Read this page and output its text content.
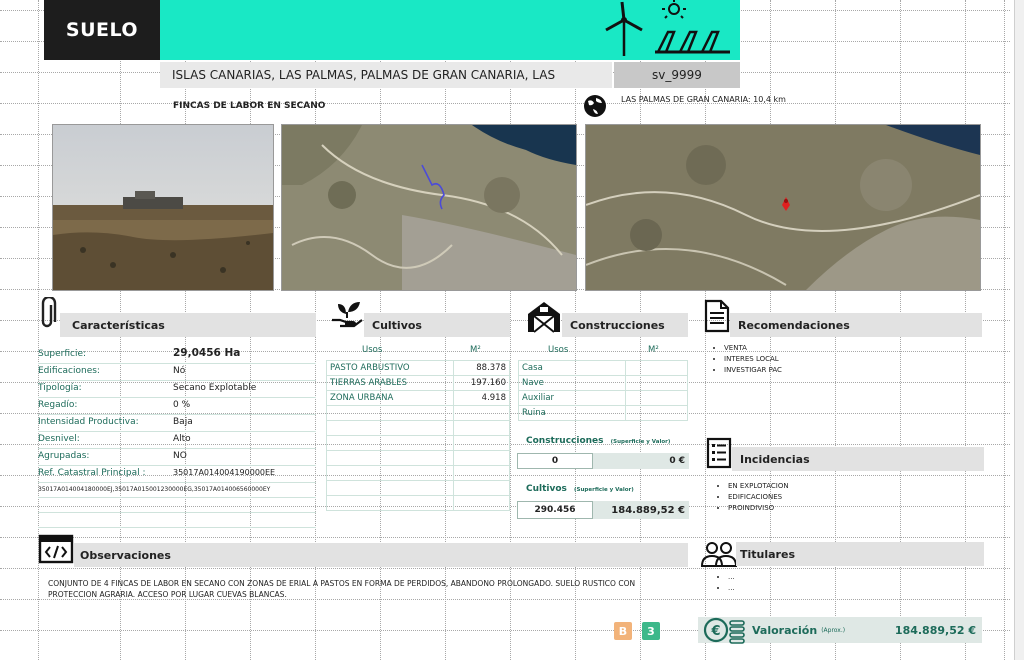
SUELO
ISLAS CANARIAS, LAS PALMAS, PALMAS DE GRAN CANARIA, LAS	sv_9999
FINCAS DE LABOR EN SECANO
LAS PALMAS DE GRAN CANARIA: 10,4 km
Características
Superficie:	29,0456 Ha
Edificaciones:	Nó
Tipología:	Secano Explotable
Regadío:	0 %
Intensidad Productiva:	Baja
Desnivel:	Alto
Agrupadas:	NO
Ref. Catastral Principal :	35017A014004190000EE
35017A014004180000EJ,35017A015001230000EG,35017A014006560000EY
Cultivos
Usos	M²
PASTO ARBUSTIVO	88.378
TIERRAS ARABLES	197.160
ZONA URBANA	4.918

Construcciones
Usos	M²
Casa	
Nave	
Auxiliar	
Ruina	
Construcciones (Superficie y Valor)
0	0 €
Cultivos (Superficie y Valor)
290.456	184.889,52 €
Recomendaciones
• VENTA
• INTERES LOCAL
• INVESTIGAR PAC
Incidencias
• EN EXPLOTACION
• EDIFICACIONES
• PROINDIVISO
Titulares
• ...
• ...
Observaciones
CONJUNTO DE 4 FINCAS DE LABOR EN SECANO CON ZONAS DE ERIAL A PASTOS EN FORMA DE PERDIDOS, ABANDONO PROLONGADO. SUELO RUSTICO CON PROTECCION AGRARIA. ACCESO POR LUGAR CUEVAS BLANCAS.
B	3	€	Valoración (Aprox.)	184.889,52 €
